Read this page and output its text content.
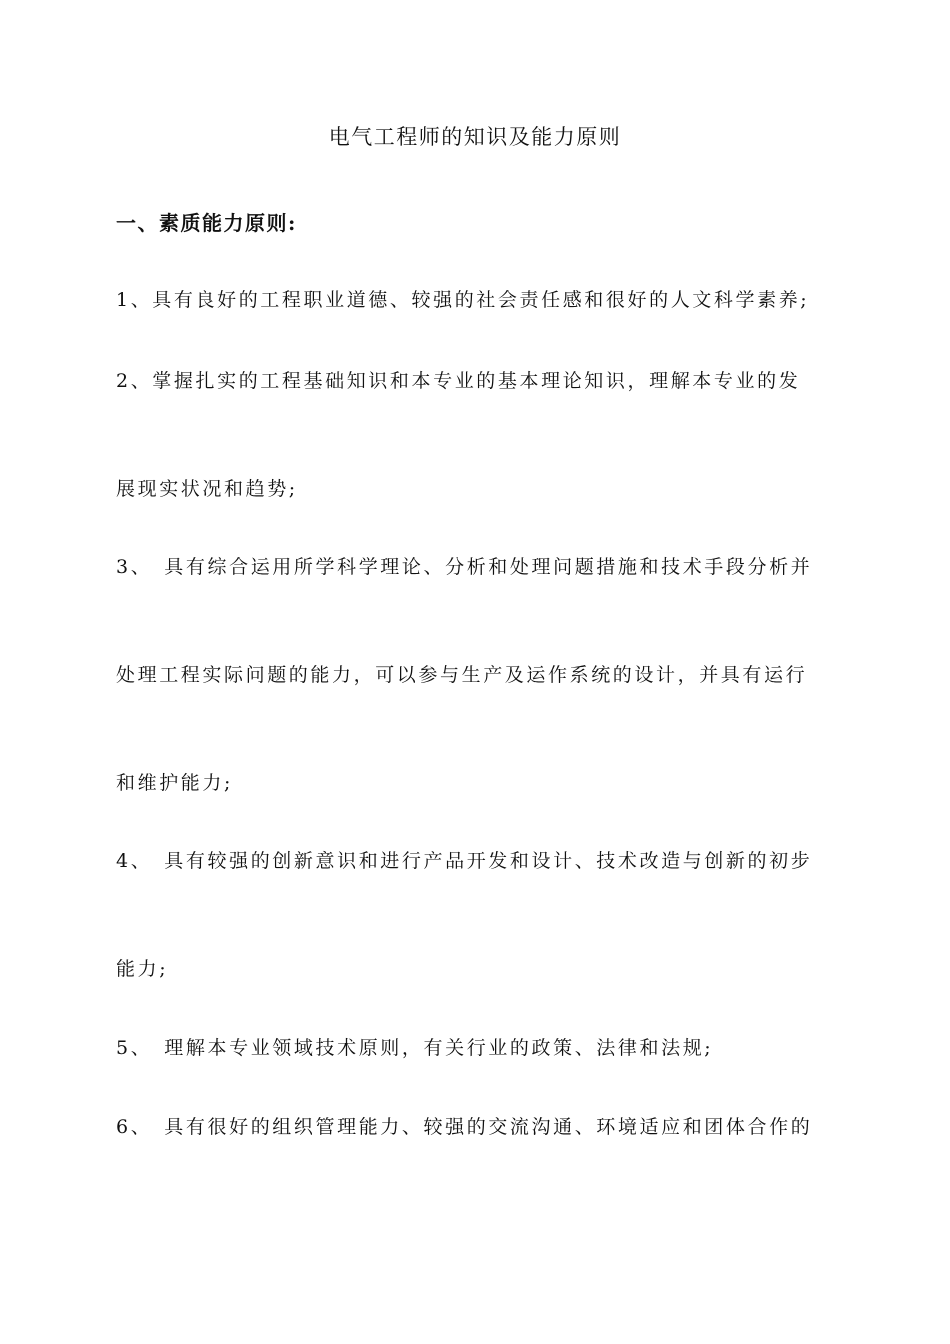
电气工程师的知识及能力原则
一、素质能力原则:
1、具有良好的工程职业道德、较强的社会责任感和很好的人文科学素养;
2、掌握扎实的工程基础知识和本专业的基本理论知识，理解本专业的发
展现实状况和趋势;
3、 具有综合运用所学科学理论、分析和处理问题措施和技术手段分析并
处理工程实际问题的能力，可以参与生产及运作系统的设计，并具有运行
和维护能力;
4、 具有较强的创新意识和进行产品开发和设计、技术改造与创新的初步
能力;
5、 理解本专业领域技术原则，有关行业的政策、法律和法规;
6、 具有很好的组织管理能力、较强的交流沟通、环境适应和团体合作的
